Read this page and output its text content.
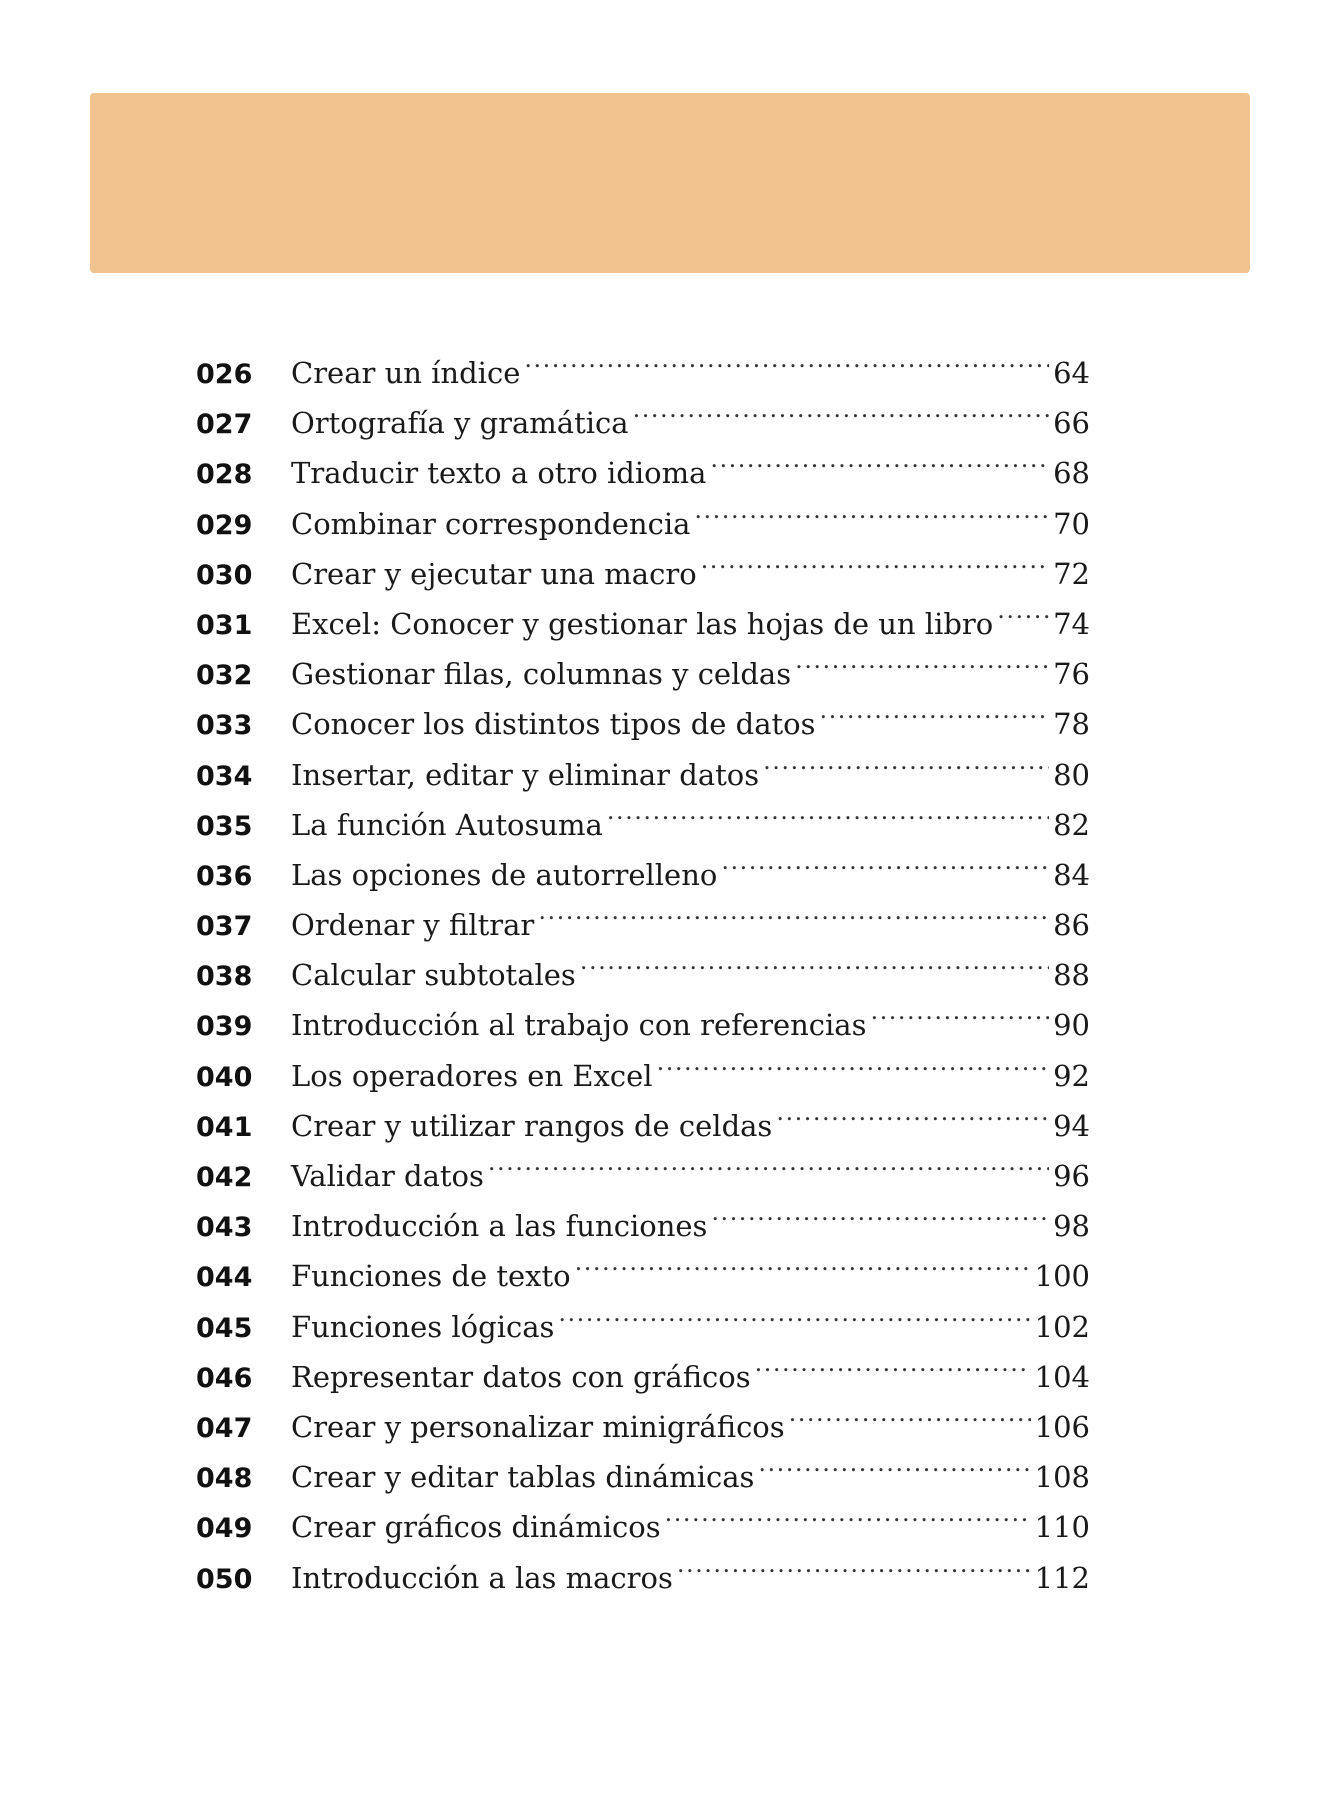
026	Crear un índice .....	64
027	Ortografía y gramática .....	66
028	Traducir texto a otro idioma .....	68
029	Combinar correspondencia .....	70
030	Crear y ejecutar una macro .....	72
031	Excel: Conocer y gestionar las hojas de un libro ..... 74
032	Gestionar filas, columnas y celdas .....	76
033	Conocer los distintos tipos de datos .....	78
034	Insertar, editar y eliminar datos .....	80
035	La función Autosuma .....	82
036	Las opciones de autorrelleno .....	84
037	Ordenar y filtrar .....	86
038	Calcular subtotales .....	88
039	Introducción al trabajo con referencias .....	90
040	Los operadores en Excel .....	92
041	Crear y utilizar rangos de celdas .....	94
042	Validar datos .....	96
043	Introducción a las funciones .....	98
044	Funciones de texto .....	100
045	Funciones lógicas .....	102
046	Representar datos con gráficos .....	104
047	Crear y personalizar minigráficos .....	106
048	Crear y editar tablas dinámicas .....	108
049	Crear gráficos dinámicos .....	110
050	Introducción a las macros .....	112
